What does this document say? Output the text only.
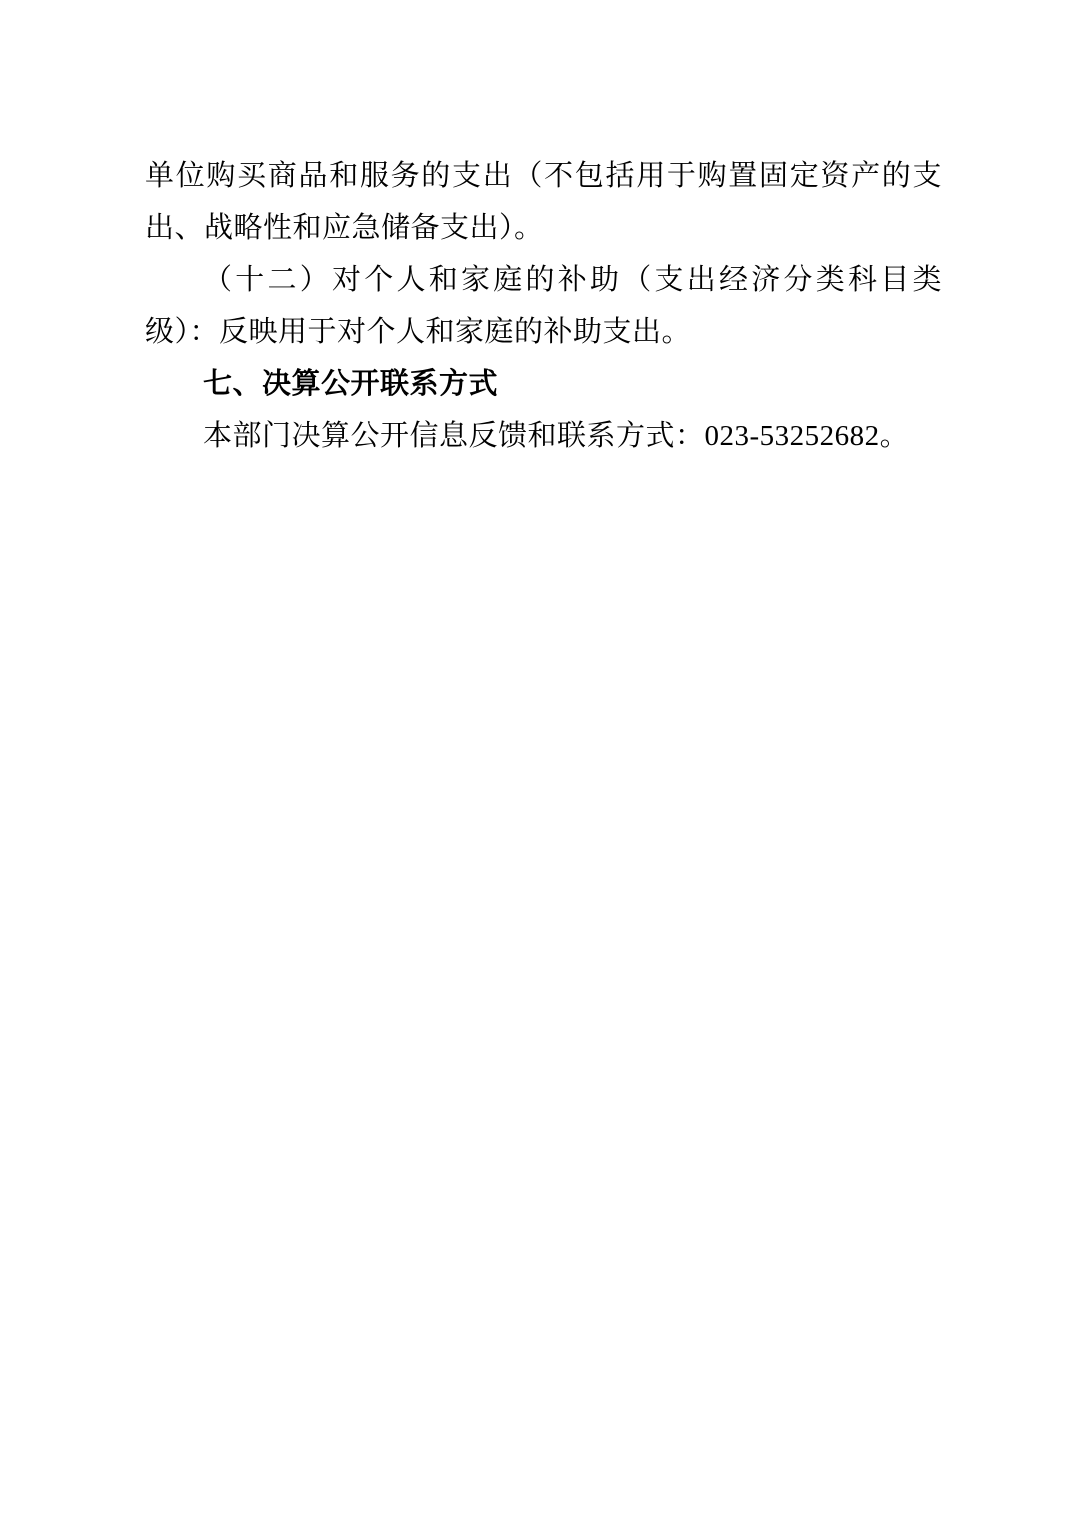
单位购买商品和服务的支出（不包括用于购置固定资产的支出、战略性和应急储备支出）。

（十二）对个人和家庭的补助（支出经济分类科目类级）：反映用于对个人和家庭的补助支出。

七、决算公开联系方式

本部门决算公开信息反馈和联系方式：023-53252682。
